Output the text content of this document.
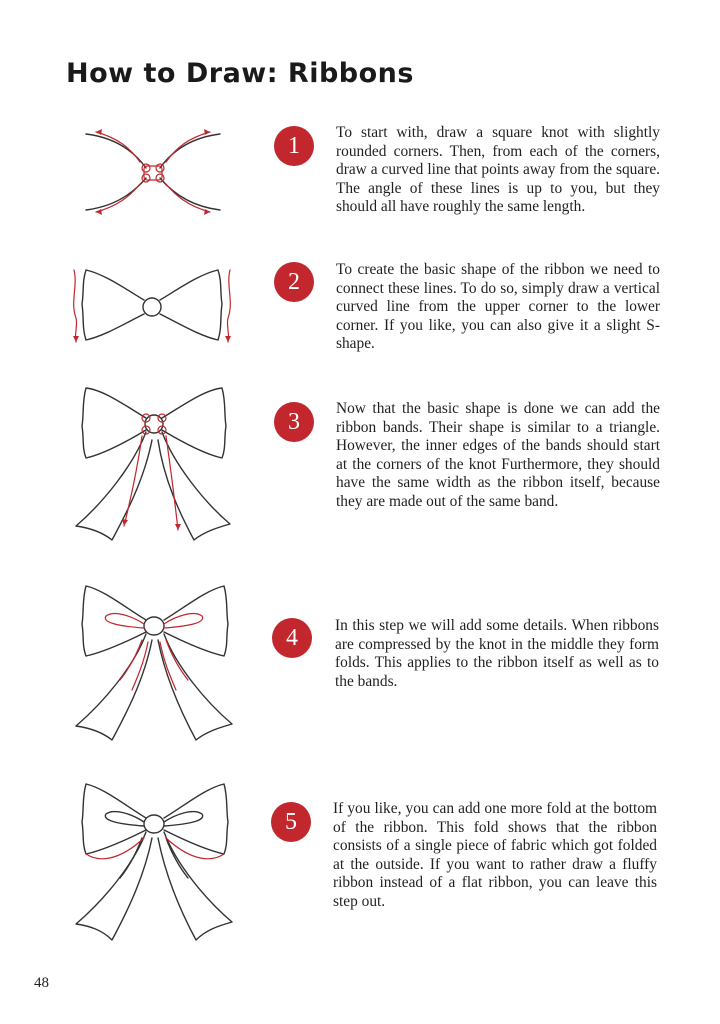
How to Draw: Ribbons
1

To start with, draw a square knot with slightly rounded corners. Then, from each of the corners, draw a curved line that points away from the square. The angle of these lines is up to you, but they should all have roughly the same length.

2	To create the basic shape of the ribbon we need to connect these lines. To do so, simply draw a vertical curved line from the upper corner to the lower corner. If you like, you can also give it a slight S-shape.

3

Now that the basic shape is done we can add the ribbon bands. Their shape is similar to a triangle. However, the inner edges of the bands should start at the corners of the knot Furthermore, they should have the same width as the ribbon itself, because they are made out of the same band.

4	In this step we will add some details. When ribbons are compressed by the knot in the middle they form folds. This applies to the ribbon itself as well as to the bands.

5

If you like, you can add one more fold at the bottom of the ribbon. This fold shows that the ribbon consists of a single piece of fabric which got folded at the outside. If you want to rather draw a fluffy ribbon instead of a flat ribbon, you can leave this step out.

48
